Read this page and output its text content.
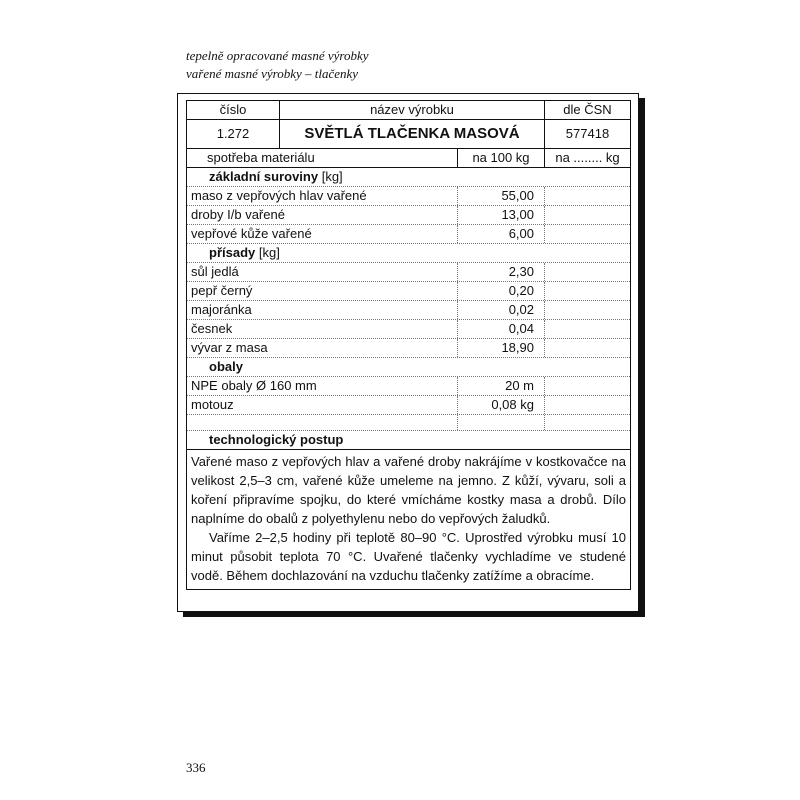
tepelně opracované masné výrobky
vařené masné výrobky – tlačenky
číslo	název výrobku	dle ČSN
1.272	SVĚTLÁ TLAČENKA MASOVÁ	577418
spotřeba materiálu	na 100 kg	na ........ kg
základní suroviny [kg]
maso z vepřových hlav vařené	55,00
droby I/b vařené	13,00
vepřové kůže vařené	6,00
přísady [kg]
sůl jedlá	2,30
pepř černý	0,20
majoránka	0,02
česnek	0,04
vývar z masa	18,90
obaly
NPE obaly Ø 160 mm	20 m
motouz	0,08 kg
technologický postup

Vařené maso z vepřových hlav a vařené droby nakrájíme v kostkovačce na velikost 2,5–3 cm, vařené kůže umeleme na jemno. Z kůží, vývaru, soli a koření připravíme spojku, do které vmícháme kostky masa a drobů. Dílo naplníme do obalů z polyethylenu nebo do vepřových žaludků.

Vaříme 2–2,5 hodiny při teplotě 80–90 °C. Uprostřed výrobku musí 10 minut působit teplota 70 °C. Uvařené tlačenky vychladíme ve studené vodě. Během dochlazování na vzduchu tlačenky zatížíme a obracíme.

336
